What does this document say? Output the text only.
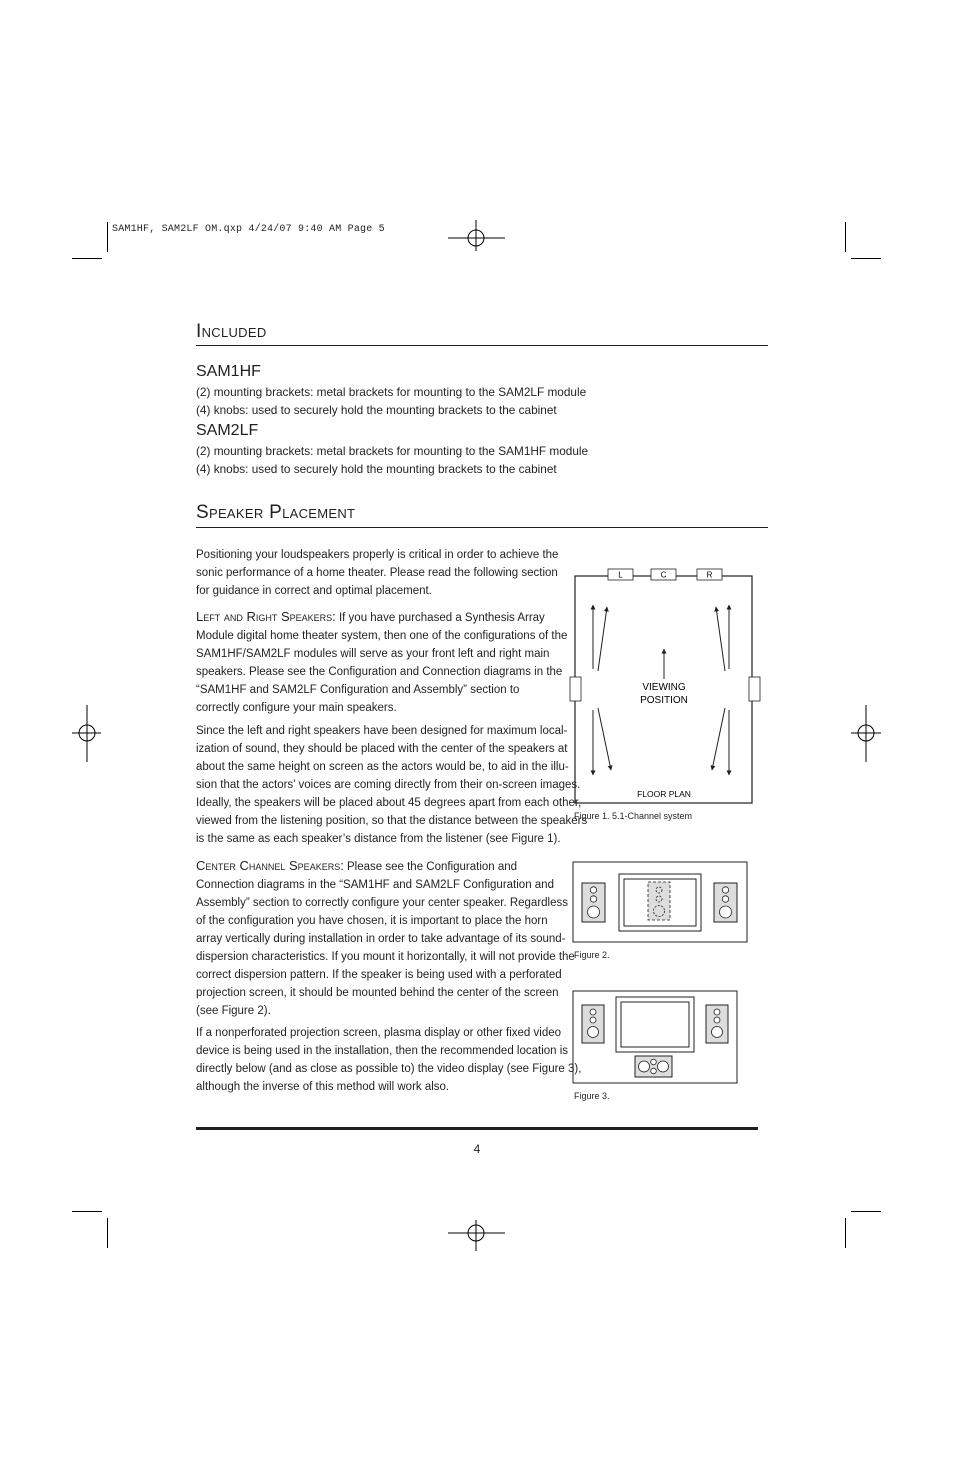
SAM1HF, SAM2LF OM.qxp 4/24/07 9:40 AM Page 5
Included
SAM1HF
(2) mounting brackets: metal brackets for mounting to the SAM2LF module
(4) knobs: used to securely hold the mounting brackets to the cabinet
SAM2LF
(2) mounting brackets: metal brackets for mounting to the SAM1HF module
(4) knobs: used to securely hold the mounting brackets to the cabinet
Speaker Placement

Positioning your loudspeakers properly is critical in order to achieve the

sonic performance of a home theater. Please read the following section

for guidance in correct and optimal placement.

Left and Right Speakers: If you have purchased a Synthesis Array

Module digital home theater system, then one of the configurations of the

SAM1HF/SAM2LF modules will serve as your front left and right main

speakers. Please see the Configuration and Connection diagrams in the

“SAM1HF and SAM2LF Configuration and Assembly” section to

correctly configure your main speakers.

Since the left and right speakers have been designed for maximum local-

ization of sound, they should be placed with the center of the speakers at

about the same height on screen as the actors would be, to aid in the illu-

sion that the actors’ voices are coming directly from their on-screen images.

Ideally, the speakers will be placed about 45 degrees apart from each other,

viewed from the listening position, so that the distance between the speakers

is the same as each speaker’s distance from the listener (see Figure 1).

Center Channel Speakers: Please see the Configuration and

Connection diagrams in the “SAM1HF and SAM2LF Configuration and

Assembly” section to correctly configure your center speaker. Regardless

of the configuration you have chosen, it is important to place the horn

array vertically during installation in order to take advantage of its sound-

dispersion characteristics. If you mount it horizontally, it will not provide the

correct dispersion pattern. If the speaker is being used with a perforated

projection screen, it should be mounted behind the center of the screen

(see Figure 2).

If a nonperforated projection screen, plasma display or other fixed video

device is being used in the installation, then the recommended location is

directly below (and as close as possible to) the video display (see Figure 3),

although the inverse of this method will work also.

L	C	R
VIEWING
POSITION
FLOOR PLAN
Figure 1. 5.1-Channel system
Figure 2.
Figure 3.
4
